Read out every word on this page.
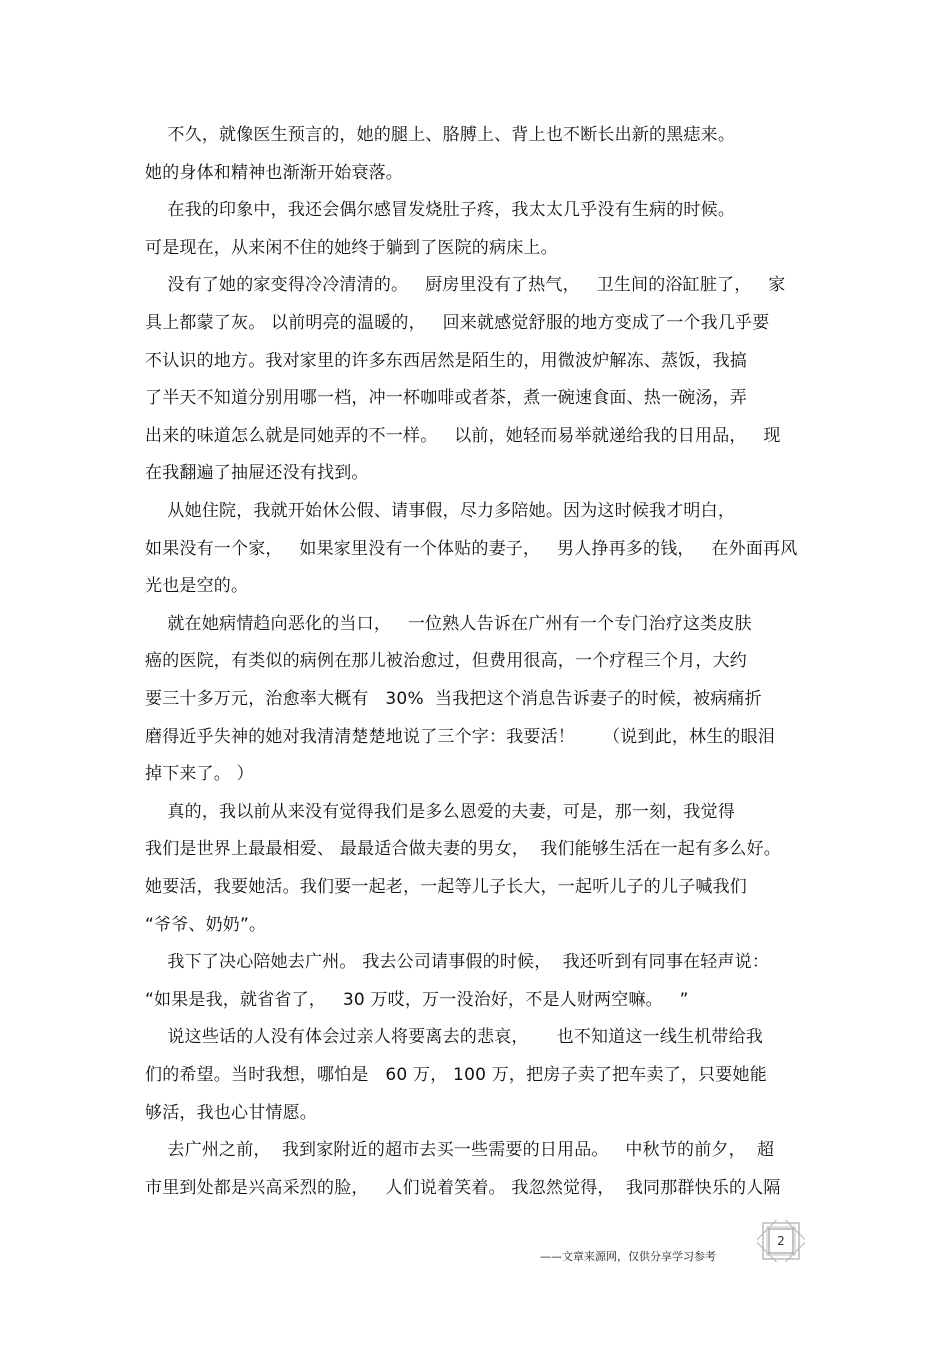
不久，就像医生预言的，她的腿上、胳膊上、背上也不断长出新的黑痣来。
她的身体和精神也渐渐开始衰落。
在我的印象中，我还会偶尔感冒发烧肚子疼，我太太几乎没有生病的时候。
可是现在，从来闲不住的她终于躺到了医院的病床上。
没有了她的家变得冷冷清清的。   厨房里没有了热气，   卫生间的浴缸脏了，   家
具上都蒙了灰。 以前明亮的温暖的，   回来就感觉舒服的地方变成了一个我几乎要
不认识的地方。我对家里的许多东西居然是陌生的，用微波炉解冻、蒸饭，我搞
了半天不知道分别用哪一档，冲一杯咖啡或者茶，煮一碗速食面、热一碗汤，弄
出来的味道怎么就是同她弄的不一样。   以前，她轻而易举就递给我的日用品，   现
在我翻遍了抽屉还没有找到。
从她住院，我就开始休公假、请事假，尽力多陪她。因为这时候我才明白，
如果没有一个家，   如果家里没有一个体贴的妻子，   男人挣再多的钱，   在外面再风
光也是空的。
就在她病情趋向恶化的当口，   一位熟人告诉在广州有一个专门治疗这类皮肤
癌的医院，有类似的病例在那儿被治愈过，但费用很高，一个疗程三个月，大约
要三十多万元，治愈率大概有   30%  当我把这个消息告诉妻子的时候，被病痛折
磨得近乎失神的她对我清清楚楚地说了三个字：我要活！     （说到此，林生的眼泪
掉下来了。 ）
真的，我以前从来没有觉得我们是多么恩爱的夫妻，可是，那一刻，我觉得
我们是世界上最最相爱、 最最适合做夫妻的男女，  我们能够生活在一起有多么好。
她要活，我要她活。我们要一起老，一起等儿子长大，一起听儿子的儿子喊我们
“爷爷、奶奶”。
我下了决心陪她去广州。 我去公司请事假的时候，  我还听到有同事在轻声说：
“如果是我，就省省了，   30 万哎，万一没治好，不是人财两空嘛。   ”
说这些话的人没有体会过亲人将要离去的悲哀，     也不知道这一线生机带给我
们的希望。当时我想，哪怕是   60 万， 100 万，把房子卖了把车卖了，只要她能
够活，我也心甘情愿。
去广州之前，  我到家附近的超市去买一些需要的日用品。   中秋节的前夕，  超
市里到处都是兴高采烈的脸，   人们说着笑着。 我忽然觉得，  我同那群快乐的人隔
2
——文章来源网，仅供分享学习参考
